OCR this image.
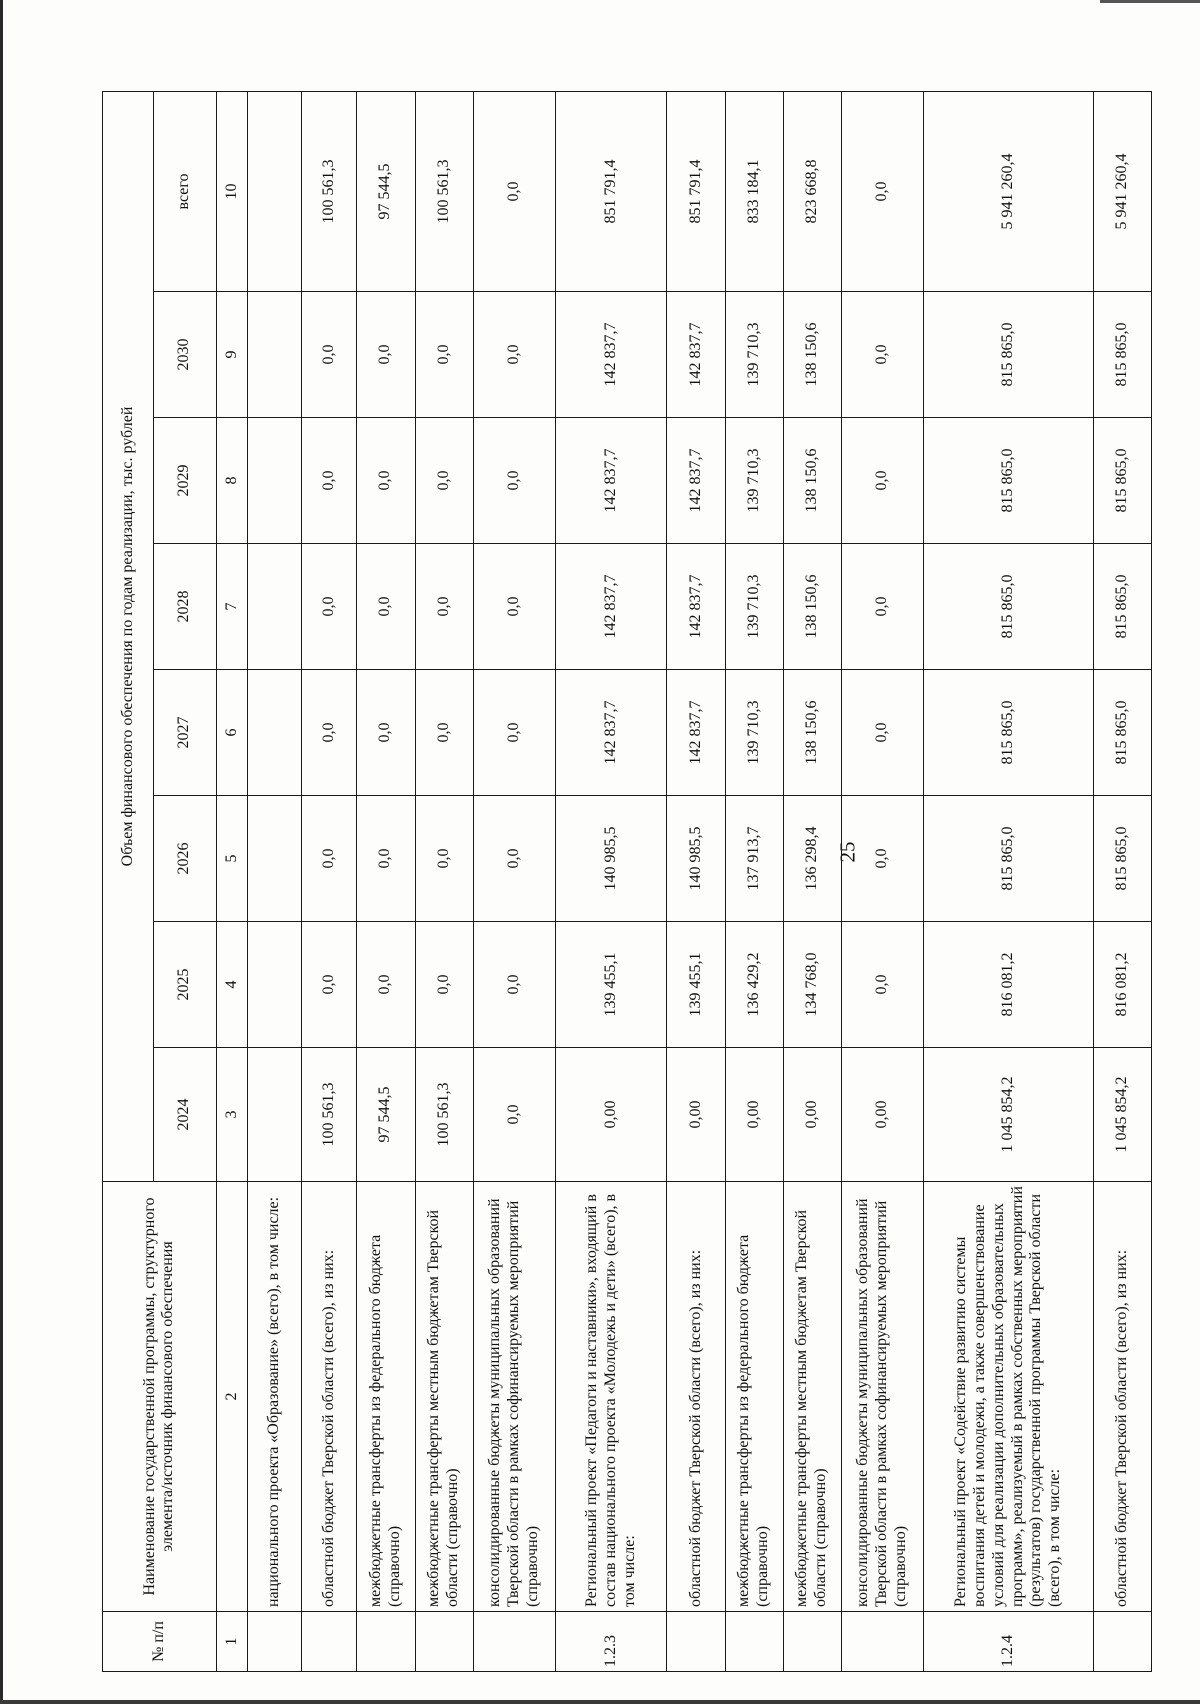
25
№ п/п	Наименование государственной программы, структурного элемента/источник финансового обеспечения	Объем финансового обеспечения по годам реализации, тыс. рублей							
		2024	2025	2026	2027	2028	2029	2030	всего
1	2	3	4	5	6	7	8	9	10
	национального проекта «Образование» (всего), в том числе:								
	областной бюджет Тверской области (всего), из них:	100 561,3	0,0	0,0	0,0	0,0	0,0	0,0	100 561,3
	межбюджетные трансферты из федерального бюджета (справочно)	97 544,5	0,0	0,0	0,0	0,0	0,0	0,0	97 544,5
	межбюджетные трансферты местным бюджетам Тверской области (справочно)	100 561,3	0,0	0,0	0,0	0,0	0,0	0,0	100 561,3
	консолидированные бюджеты муниципальных образований Тверской области в рамках софинансируемых мероприятий (справочно)	0,0	0,0	0,0	0,0	0,0	0,0	0,0	0,0
1.2.3	Региональный проект «Педагоги и наставники», входящий в состав национального проекта «Молодежь и дети» (всего), в том числе:	0,00	139 455,1	140 985,5	142 837,7	142 837,7	142 837,7	142 837,7	851 791,4
	областной бюджет Тверской области (всего), из них:	0,00	139 455,1	140 985,5	142 837,7	142 837,7	142 837,7	142 837,7	851 791,4
	межбюджетные трансферты из федерального бюджета (справочно)	0,00	136 429,2	137 913,7	139 710,3	139 710,3	139 710,3	139 710,3	833 184,1
	межбюджетные трансферты местным бюджетам Тверской области (справочно)	0,00	134 768,0	136 298,4	138 150,6	138 150,6	138 150,6	138 150,6	823 668,8
	консолидированные бюджеты муниципальных образований Тверской области в рамках софинансируемых мероприятий (справочно)	0,00	0,0	0,0	0,0	0,0	0,0	0,0	0,0
1.2.4	Региональный проект «Содействие развитию системы воспитания детей и молодежи, а также совершенствование условий для реализации дополнительных образовательных программ», реализуемый в рамках собственных мероприятий (результатов) государственной программы Тверской области (всего), в том числе:	1 045 854,2	816 081,2	815 865,0	815 865,0	815 865,0	815 865,0	815 865,0	5 941 260,4
	областной бюджет Тверской области (всего), из них:	1 045 854,2	816 081,2	815 865,0	815 865,0	815 865,0	815 865,0	815 865,0	5 941 260,4
